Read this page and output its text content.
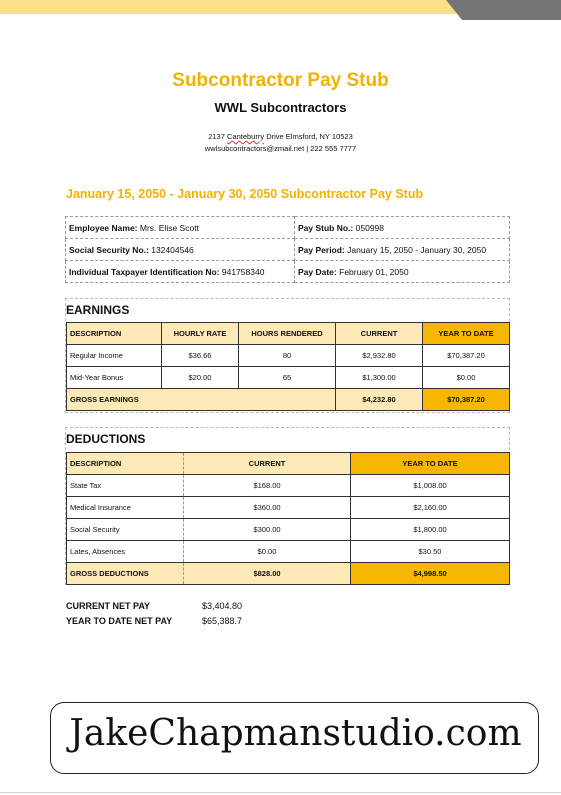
Subcontractor Pay Stub
WWL Subcontractors
2137 Canteburry Drive Elmsford, NY 10523
wwlsubcontractors@zmail.net | 222 555 7777
January 15, 2050 - January 30, 2050 Subcontractor Pay Stub
Employee Name: Mrs. Elise Scott	Pay Stub No.: 050998
Social Security No.: 132404546	Pay Period: January 15, 2050 - January 30, 2050
Individual Taxpayer Identification No: 941758340	Pay Date: February 01, 2050
EARNINGS
DESCRIPTION	HOURLY RATE	HOURS RENDERED	CURRENT	YEAR TO DATE
Regular Income	$36.66	80	$2,932.80	$70,387.20
Mid-Year Bonus	$20.00	65	$1,300.00	$0.00
GROSS EARNINGS			$4,232.80	$70,387.20
DEDUCTIONS
DESCRIPTION	CURRENT	YEAR TO DATE
State Tax	$168.00	$1,008.00
Medical Insurance	$360.00	$2,160.00
Social Security	$300.00	$1,800.00
Lates, Absences	$0.00	$30.50
GROSS DEDUCTIONS	$828.00	$4,998.50
CURRENT NET PAY	$3,404.80
YEAR TO DATE NET PAY	$65,388.7
JakeChapmanstudio.com
